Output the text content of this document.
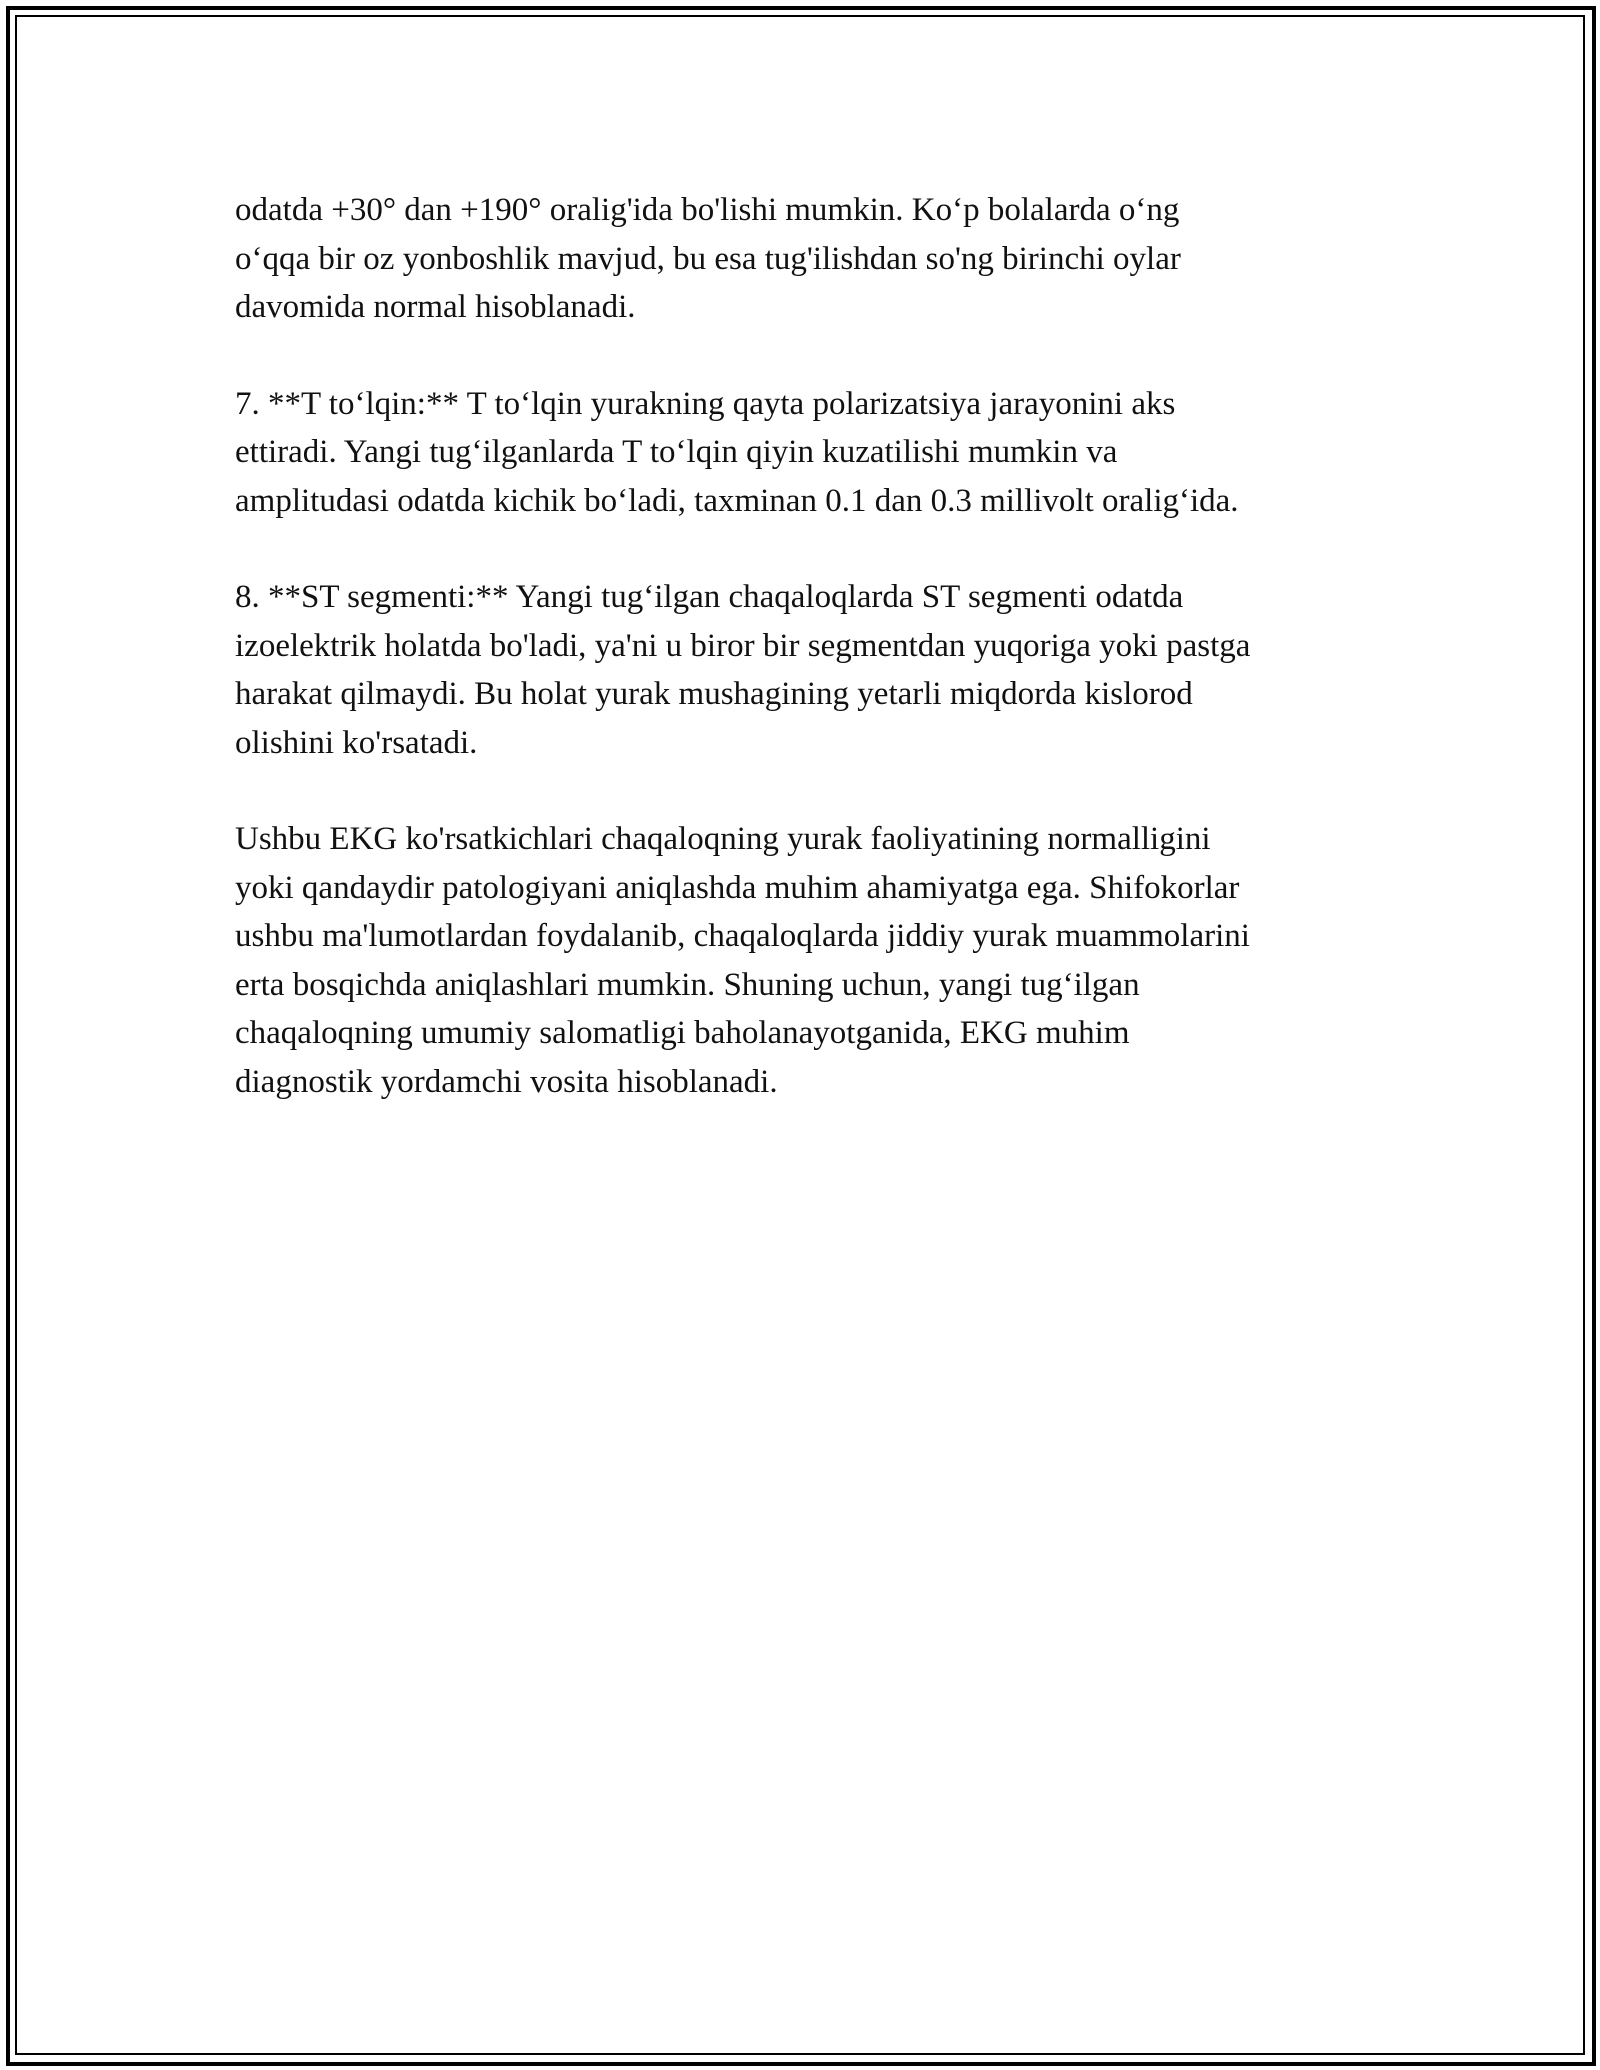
odatda +30° dan +190° oralig'ida bo'lishi mumkin. Ko‘p bolalarda o‘ng
o‘qqa bir oz yonboshlik mavjud, bu esa tug'ilishdan so'ng birinchi oylar
davomida normal hisoblanadi.

7. **T to‘lqin:** T to‘lqin yurakning qayta polarizatsiya jarayonini aks
ettiradi. Yangi tug‘ilganlarda T to‘lqin qiyin kuzatilishi mumkin va
amplitudasi odatda kichik bo‘ladi, taxminan 0.1 dan 0.3 millivolt oralig‘ida.

8. **ST segmenti:** Yangi tug‘ilgan chaqaloqlarda ST segmenti odatda
izoelektrik holatda bo'ladi, ya'ni u biror bir segmentdan yuqoriga yoki pastga
harakat qilmaydi. Bu holat yurak mushagining yetarli miqdorda kislorod
olishini ko'rsatadi.

Ushbu EKG ko'rsatkichlari chaqaloqning yurak faoliyatining normalligini
yoki qandaydir patologiyani aniqlashda muhim ahamiyatga ega. Shifokorlar
ushbu ma'lumotlardan foydalanib, chaqaloqlarda jiddiy yurak muammolarini
erta bosqichda aniqlashlari mumkin. Shuning uchun, yangi tug‘ilgan
chaqaloqning umumiy salomatligi baholanayotganida, EKG muhim
diagnostik yordamchi vosita hisoblanadi.
